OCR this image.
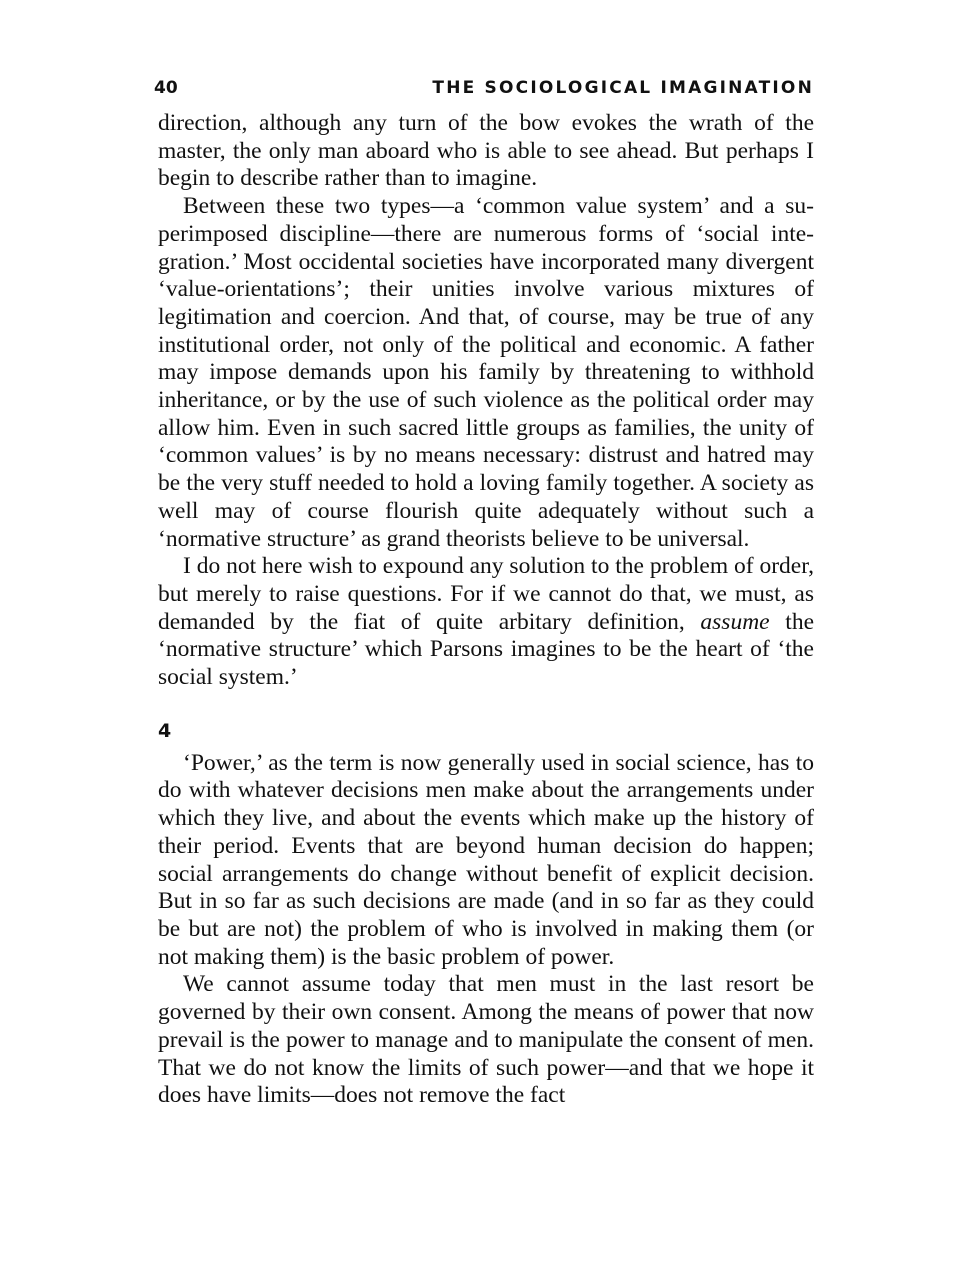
40	THE SOCIOLOGICAL IMAGINATION

direction, although any turn of the bow evokes the wrath of the master, the only man aboard who is able to see ahead. But perhaps I begin to describe rather than to imagine.

Between these two types—a ‘common value system’ and a superimposed discipline—there are numerous forms of ‘social integration.’ Most occidental societies have incorporated many divergent ‘value-orientations’; their unities involve various mixtures of legitimation and coercion. And that, of course, may be true of any institutional order, not only of the political and economic. A father may impose demands upon his family by threatening to withhold inheritance, or by the use of such violence as the political order may allow him. Even in such sacred little groups as families, the unity of ‘common values’ is by no means necessary: distrust and hatred may be the very stuff needed to hold a loving family together. A society as well may of course flourish quite adequately without such a ‘normative structure’ as grand theorists believe to be universal.

I do not here wish to expound any solution to the problem of order, but merely to raise questions. For if we cannot do that, we must, as demanded by the fiat of quite arbitary definition, assume the ‘normative structure’ which Parsons imagines to be the heart of ‘the social system.’

4

‘Power,’ as the term is now generally used in social science, has to do with whatever decisions men make about the arrangements under which they live, and about the events which make up the history of their period. Events that are beyond human decision do happen; social arrangements do change without benefit of explicit decision. But in so far as such decisions are made (and in so far as they could be but are not) the problem of who is involved in making them (or not making them) is the basic problem of power.

We cannot assume today that men must in the last resort be governed by their own consent. Among the means of power that now prevail is the power to manage and to manipulate the consent of men. That we do not know the limits of such power—and that we hope it does have limits—does not remove the fact
